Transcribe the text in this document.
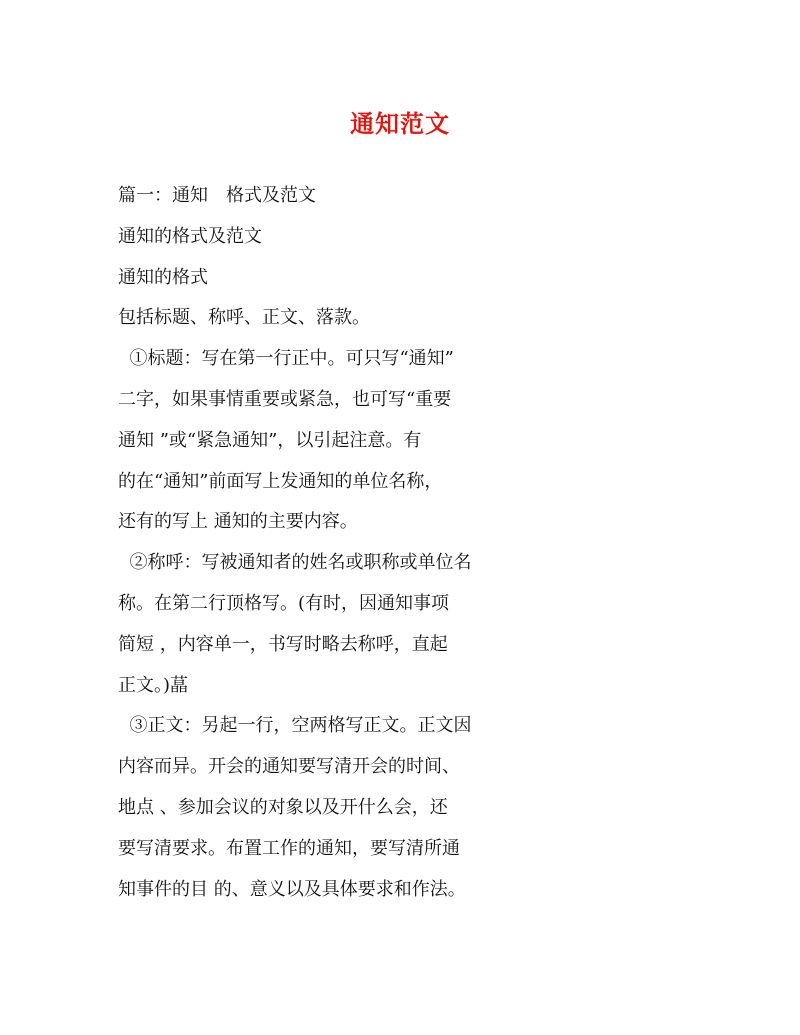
通知范文
篇一：通知　格式及范文
通知的格式及范文
通知的格式
包括标题、称呼、正文、落款。
①标题：写在第一行正中。可只写“通知”
二字，如果事情重要或紧急，也可写“重要
通知 ”或“紧急通知”，以引起注意。有
的在“通知”前面写上发通知的单位名称，
还有的写上 通知的主要内容。
②称呼：写被通知者的姓名或职称或单位名
称。在第二行顶格写。(有时，因通知事项
简短 ，内容单一，书写时略去称呼，直起
正文。)蕌
③正文：另起一行，空两格写正文。正文因
内容而异。开会的通知要写清开会的时间、
地点 、参加会议的对象以及开什么会，还
要写清要求。布置工作的通知，要写清所通
知事件的目 的、意义以及具体要求和作法。
